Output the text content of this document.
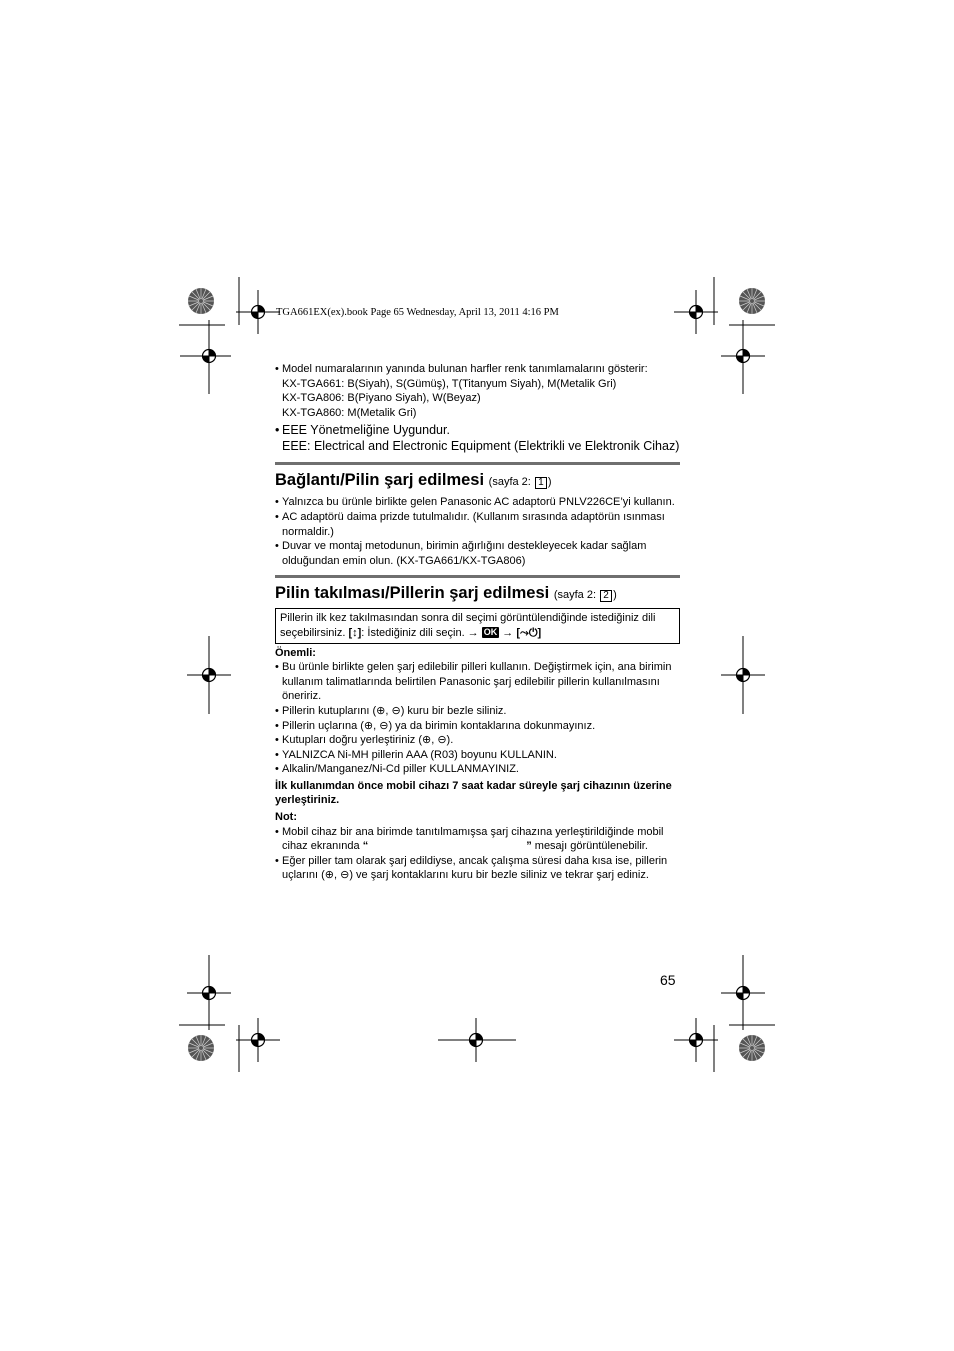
TGA661EX(ex).book Page 65 Wednesday, April 13, 2011 4:16 PM

• Model numaralarının yanında bulunan harfler renk tanımlamalarını gösterir:

KX-TGA661: B(Siyah), S(Gümüş), T(Titanyum Siyah), M(Metalik Gri)

KX-TGA806: B(Piyano Siyah), W(Beyaz)

KX-TGA860: M(Metalik Gri)

• EEE Yönetmeliğine Uygundur.

EEE: Electrical and Electronic Equipment (Elektrikli ve Elektronik Cihaz)

Bağlantı/Pilin şarj edilmesi (sayfa 2: 1 )
• Yalnızca bu ürünle birlikte gelen Panasonic AC adaptorü PNLV226CE’yi kullanın.
• AC adaptörü daima prizde tutulmalıdır. (Kullanım sırasında adaptörün ısınması normaldir.)
• Duvar ve montaj metodunun, birimin ağırlığını destekleyecek kadar sağlam olduğundan emin olun. (KX-TGA661/KX-TGA806)
Pilin takılması/Pillerin şarj edilmesi (sayfa 2: 2 )
Pillerin ilk kez takılmasından sonra dil seçimi görüntülendiğinde istediğiniz dili seçebilirsiniz. [↕]: İstediğiniz dili seçin. → OK → [⤳⏻]

Önemli:

• Bu ürünle birlikte gelen şarj edilebilir pilleri kullanın. Değiştirmek için, ana birimin kullanım talimatlarında belirtilen Panasonic şarj edilebilir pillerin kullanılmasını öneririz.
• Pillerin kutuplarını (⊕, ⊖) kuru bir bezle siliniz.
• Pillerin uçlarına (⊕, ⊖) ya da birimin kontaklarına dokunmayınız.
• Kutupları doğru yerleştiriniz (⊕, ⊖).
• YALNIZCA Ni-MH pillerin AAA (R03) boyunu KULLANIN.
• Alkalin/Manganez/Ni-Cd piller KULLANMAYINIZ.

İlk kullanımdan önce mobil cihazı 7 saat kadar süreyle şarj cihazının üzerine yerleştiriniz.

Not:

• Mobil cihaz bir ana birimde tanıtılmamışsa şarj cihazına yerleştirildiğinde mobil

cihaz ekranında “	” mesajı görüntülenebilir.

• Eğer piller tam olarak şarj edildiyse, ancak çalışma süresi daha kısa ise, pillerin uçlarını (⊕, ⊖) ve şarj kontaklarını kuru bir bezle siliniz ve tekrar şarj ediniz.
65
